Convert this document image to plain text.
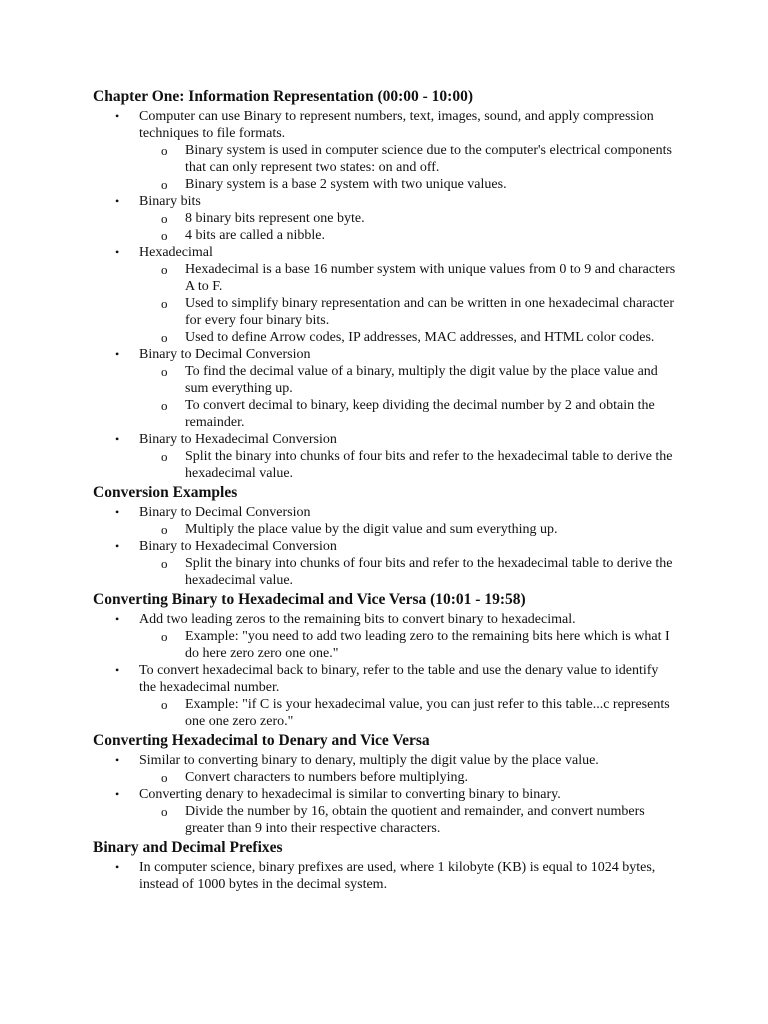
Chapter One: Information Representation (00:00 - 10:00)
• Computer can use Binary to represent numbers, text, images, sound, and apply compression techniques to file formats.
o Binary system is used in computer science due to the computer's electrical components that can only represent two states: on and off.
o Binary system is a base 2 system with two unique values.
• Binary bits
o 8 binary bits represent one byte.
o 4 bits are called a nibble.
• Hexadecimal
o Hexadecimal is a base 16 number system with unique values from 0 to 9 and characters A to F.
o Used to simplify binary representation and can be written in one hexadecimal character for every four binary bits.
o Used to define Arrow codes, IP addresses, MAC addresses, and HTML color codes.
• Binary to Decimal Conversion
o To find the decimal value of a binary, multiply the digit value by the place value and sum everything up.
o To convert decimal to binary, keep dividing the decimal number by 2 and obtain the remainder.
• Binary to Hexadecimal Conversion
o Split the binary into chunks of four bits and refer to the hexadecimal table to derive the hexadecimal value.
Conversion Examples
• Binary to Decimal Conversion
o Multiply the place value by the digit value and sum everything up.
• Binary to Hexadecimal Conversion
o Split the binary into chunks of four bits and refer to the hexadecimal table to derive the hexadecimal value.
Converting Binary to Hexadecimal and Vice Versa (10:01 - 19:58)
• Add two leading zeros to the remaining bits to convert binary to hexadecimal.
o Example: "you need to add two leading zero to the remaining bits here which is what I do here zero zero one one."
• To convert hexadecimal back to binary, refer to the table and use the denary value to identify the hexadecimal number.
o Example: "if C is your hexadecimal value, you can just refer to this table...c represents one one zero zero."
Converting Hexadecimal to Denary and Vice Versa
• Similar to converting binary to denary, multiply the digit value by the place value.
o Convert characters to numbers before multiplying.
• Converting denary to hexadecimal is similar to converting binary to binary.
o Divide the number by 16, obtain the quotient and remainder, and convert numbers greater than 9 into their respective characters.
Binary and Decimal Prefixes
• In computer science, binary prefixes are used, where 1 kilobyte (KB) is equal to 1024 bytes, instead of 1000 bytes in the decimal system.
